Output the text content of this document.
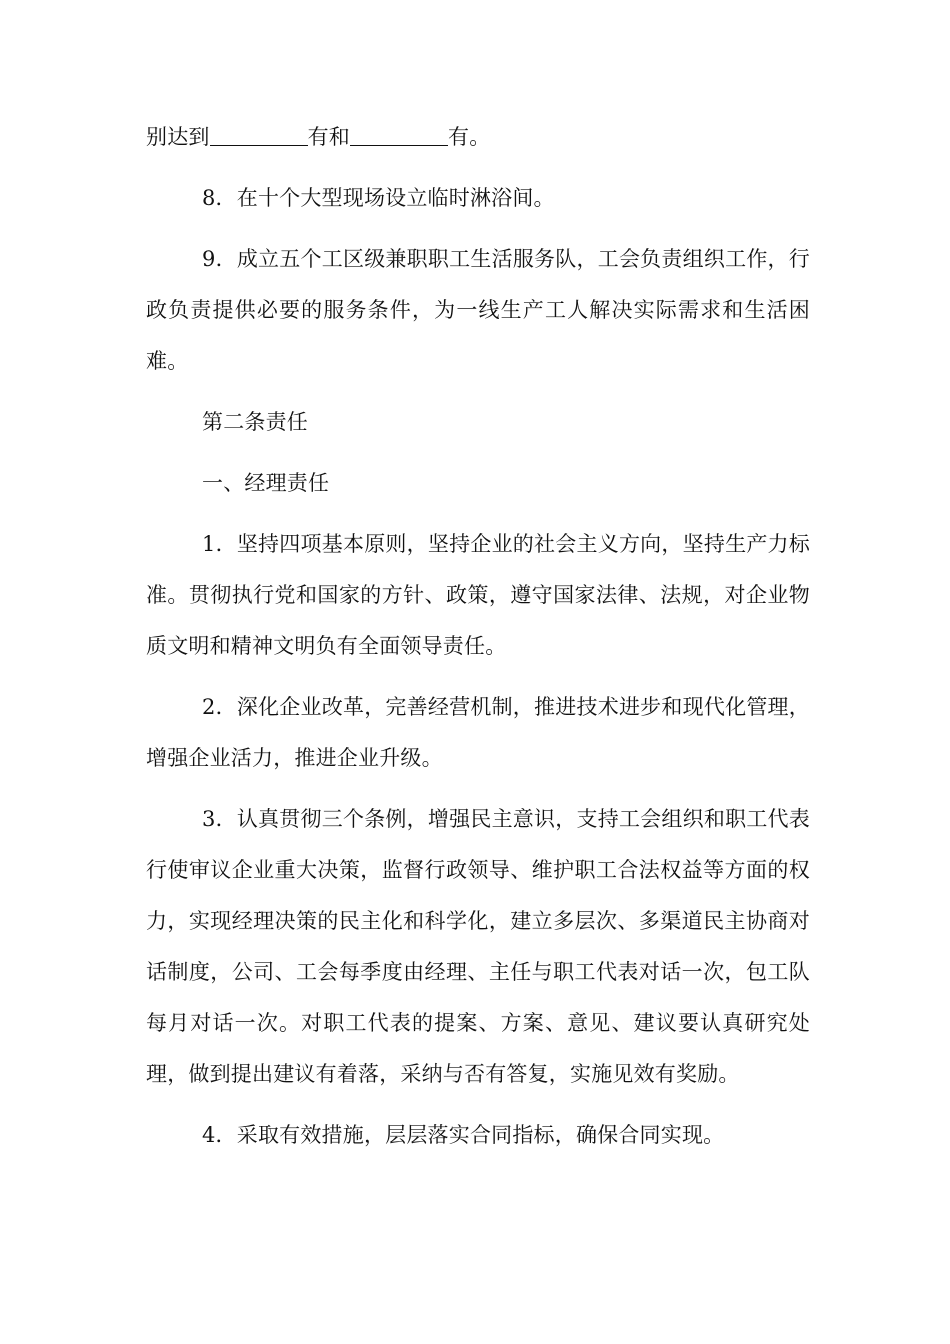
别达到	有和	有。

8．在十个大型现场设立临时淋浴间。

9．成立五个工区级兼职职工生活服务队，工会负责组织工作，行政负责提供必要的服务条件，为一线生产工人解决实际需求和生活困难。

第二条责任

一、经理责任

1．坚持四项基本原则，坚持企业的社会主义方向，坚持生产力标准。贯彻执行党和国家的方针、政策，遵守国家法律、法规，对企业物质文明和精神文明负有全面领导责任。

2．深化企业改革，完善经营机制，推进技术进步和现代化管理，增强企业活力，推进企业升级。

3．认真贯彻三个条例，增强民主意识，支持工会组织和职工代表行使审议企业重大决策，监督行政领导、维护职工合法权益等方面的权力，实现经理决策的民主化和科学化，建立多层次、多渠道民主协商对话制度，公司、工会每季度由经理、主任与职工代表对话一次，包工队每月对话一次。对职工代表的提案、方案、意见、建议要认真研究处理，做到提出建议有着落，采纳与否有答复，实施见效有奖励。

4．采取有效措施，层层落实合同指标，确保合同实现。
